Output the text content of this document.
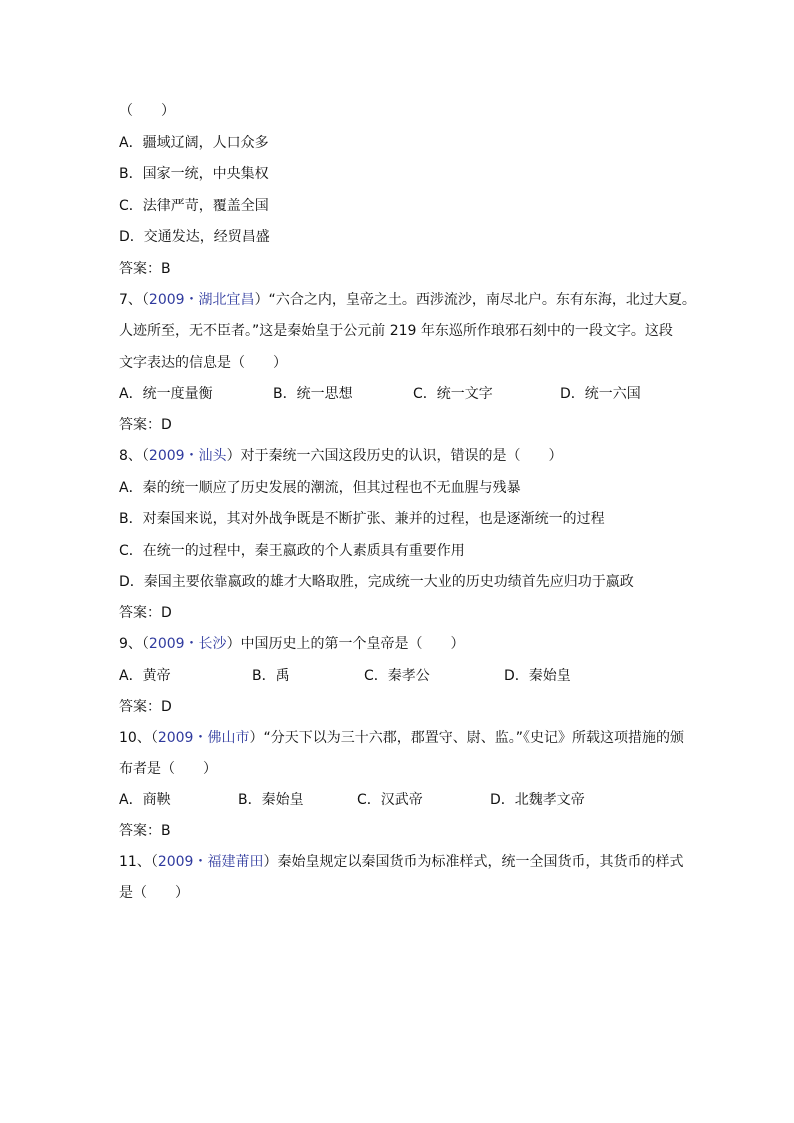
（　　）
A．疆域辽阔，人口众多
B．国家一统，中央集权
C．法律严苛，覆盖全国
D．交通发达，经贸昌盛
答案：B
7、（2009・湖北宜昌）“六合之内，皇帝之土。西涉流沙，南尽北户。东有东海，北过大夏。
人迹所至，无不臣者。”这是秦始皇于公元前 219 年东巡所作琅邪石刻中的一段文字。这段
文字表达的信息是（　　）
A．统一度量衡	B．统一思想	C．统一文字	D．统一六国
答案：D
8、（2009・汕头）对于秦统一六国这段历史的认识，错误的是（　　）
A．秦的统一顺应了历史发展的潮流，但其过程也不无血腥与残暴
B．对秦国来说，其对外战争既是不断扩张、兼并的过程，也是逐渐统一的过程
C．在统一的过程中，秦王嬴政的个人素质具有重要作用
D．秦国主要依靠嬴政的雄才大略取胜，完成统一大业的历史功绩首先应归功于嬴政
答案：D
9、（2009・长沙）中国历史上的第一个皇帝是（　　）
A．黄帝	B．禹	C．秦孝公	D．秦始皇
答案：D
10、（2009・佛山市）“分天下以为三十六郡，郡置守、尉、监。”《史记》所载这项措施的颁
布者是（　　）
A．商鞅	B．秦始皇	C．汉武帝	D．北魏孝文帝
答案：B
11、（2009・福建莆田）秦始皇规定以秦国货币为标准样式，统一全国货币，其货币的样式
是（　　）
